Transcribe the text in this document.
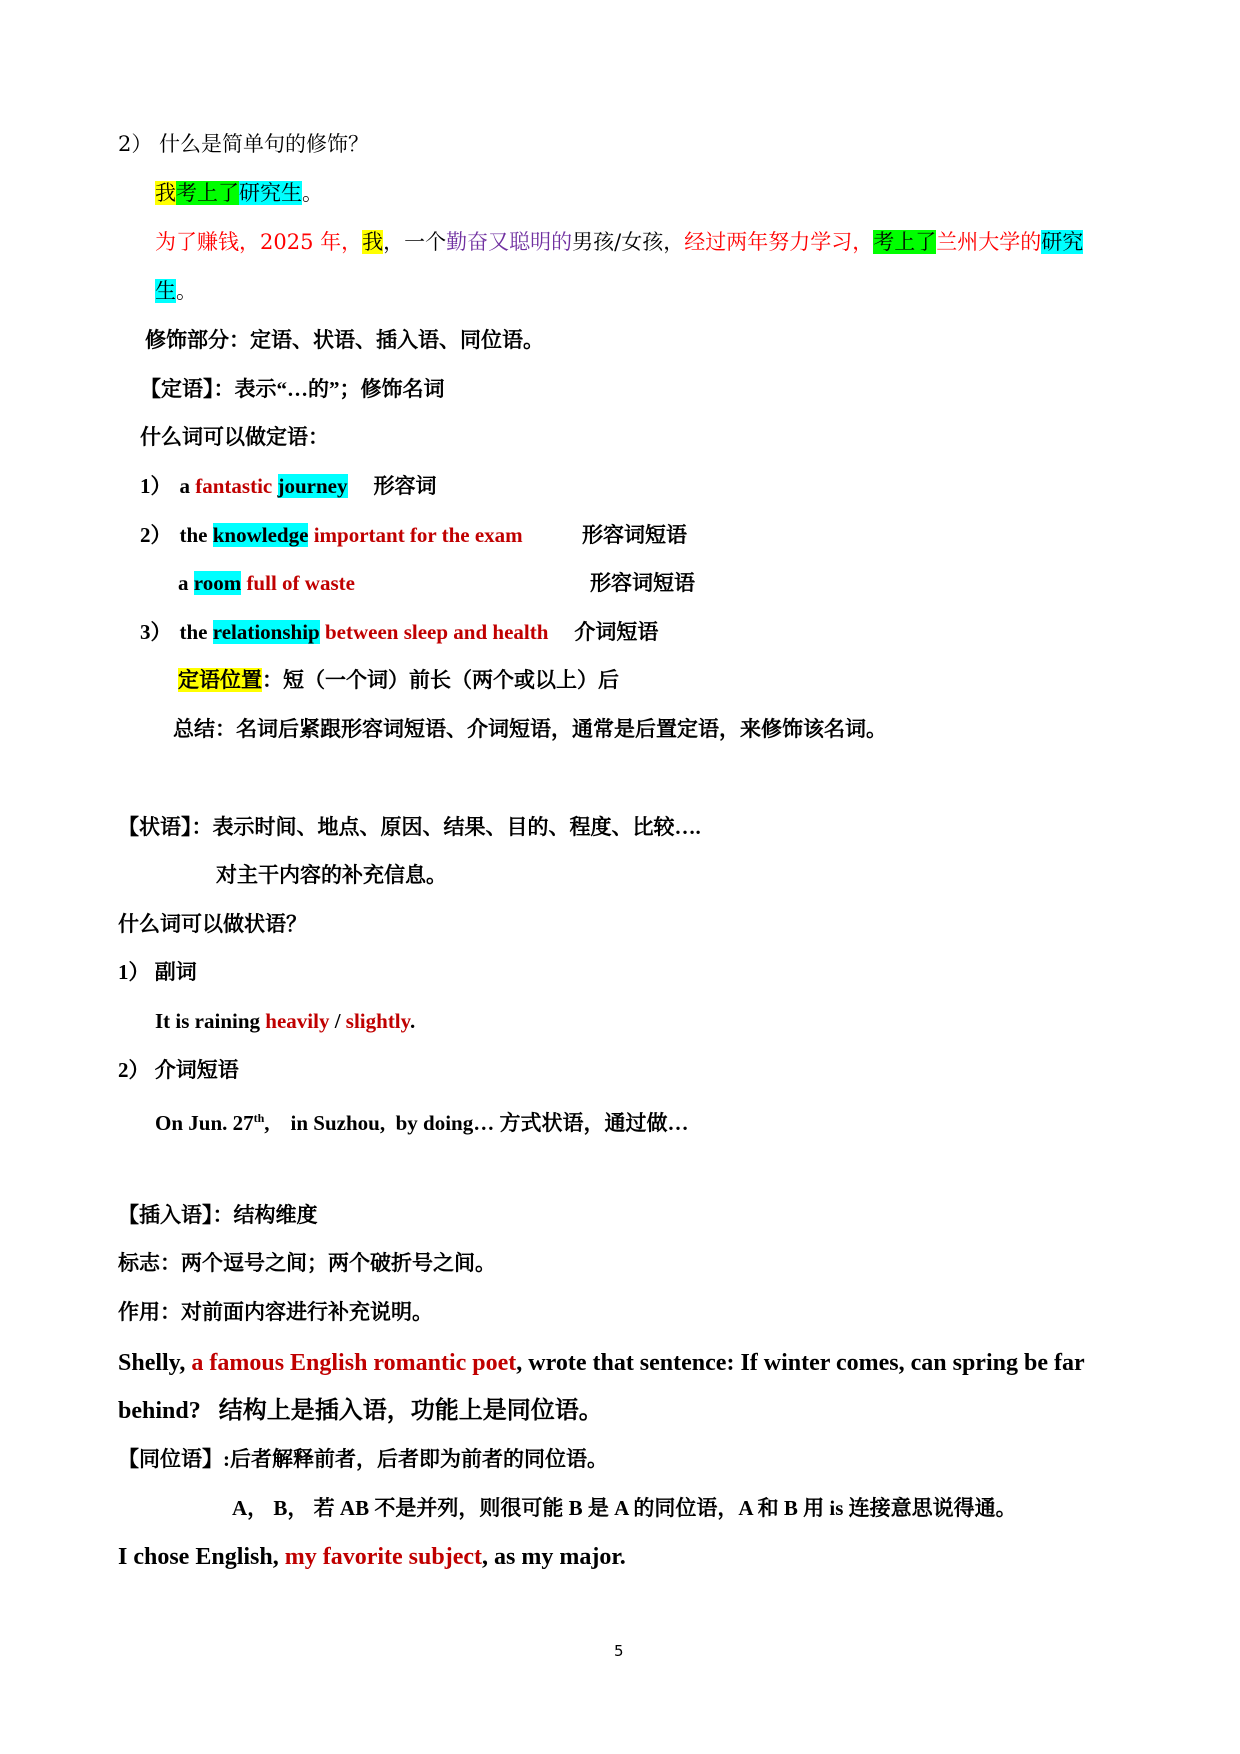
2） 什么是简单句的修饰？
我考上了研究生。
为了赚钱，2025 年，我，一个勤奋又聪明的男孩/女孩，经过两年努力学习，考上了兰州大学的研究
生。
修饰部分：定语、状语、插入语、同位语。
【定语】：表示“…的”；修饰名词
什么词可以做定语：
1） a fantastic journey 形容词
2） the knowledge important for the exam	形容词短语
a room full of waste	形容词短语
3） the relationship between sleep and health 介词短语
定语位置：短（一个词）前长（两个或以上）后
总结：名词后紧跟形容词短语、介词短语，通常是后置定语，来修饰该名词。
【状语】：表示时间、地点、原因、结果、目的、程度、比较….
对主干内容的补充信息。
什么词可以做状语？
1） 副词
It is raining heavily / slightly.
2） 介词短语
On Jun. 27th,    in Suzhou,  by doing… 方式状语，通过做…
【插入语】：结构维度
标志：两个逗号之间；两个破折号之间。
作用：对前面内容进行补充说明。
Shelly, a famous English romantic poet, wrote that sentence: If winter comes, can spring be far
behind?   结构上是插入语，功能上是同位语。
【同位语】:后者解释前者，后者即为前者的同位语。
A， B， 若 AB 不是并列，则很可能 B 是 A 的同位语，A 和 B 用 is 连接意思说得通。
I chose English, my favorite subject, as my major.
5
